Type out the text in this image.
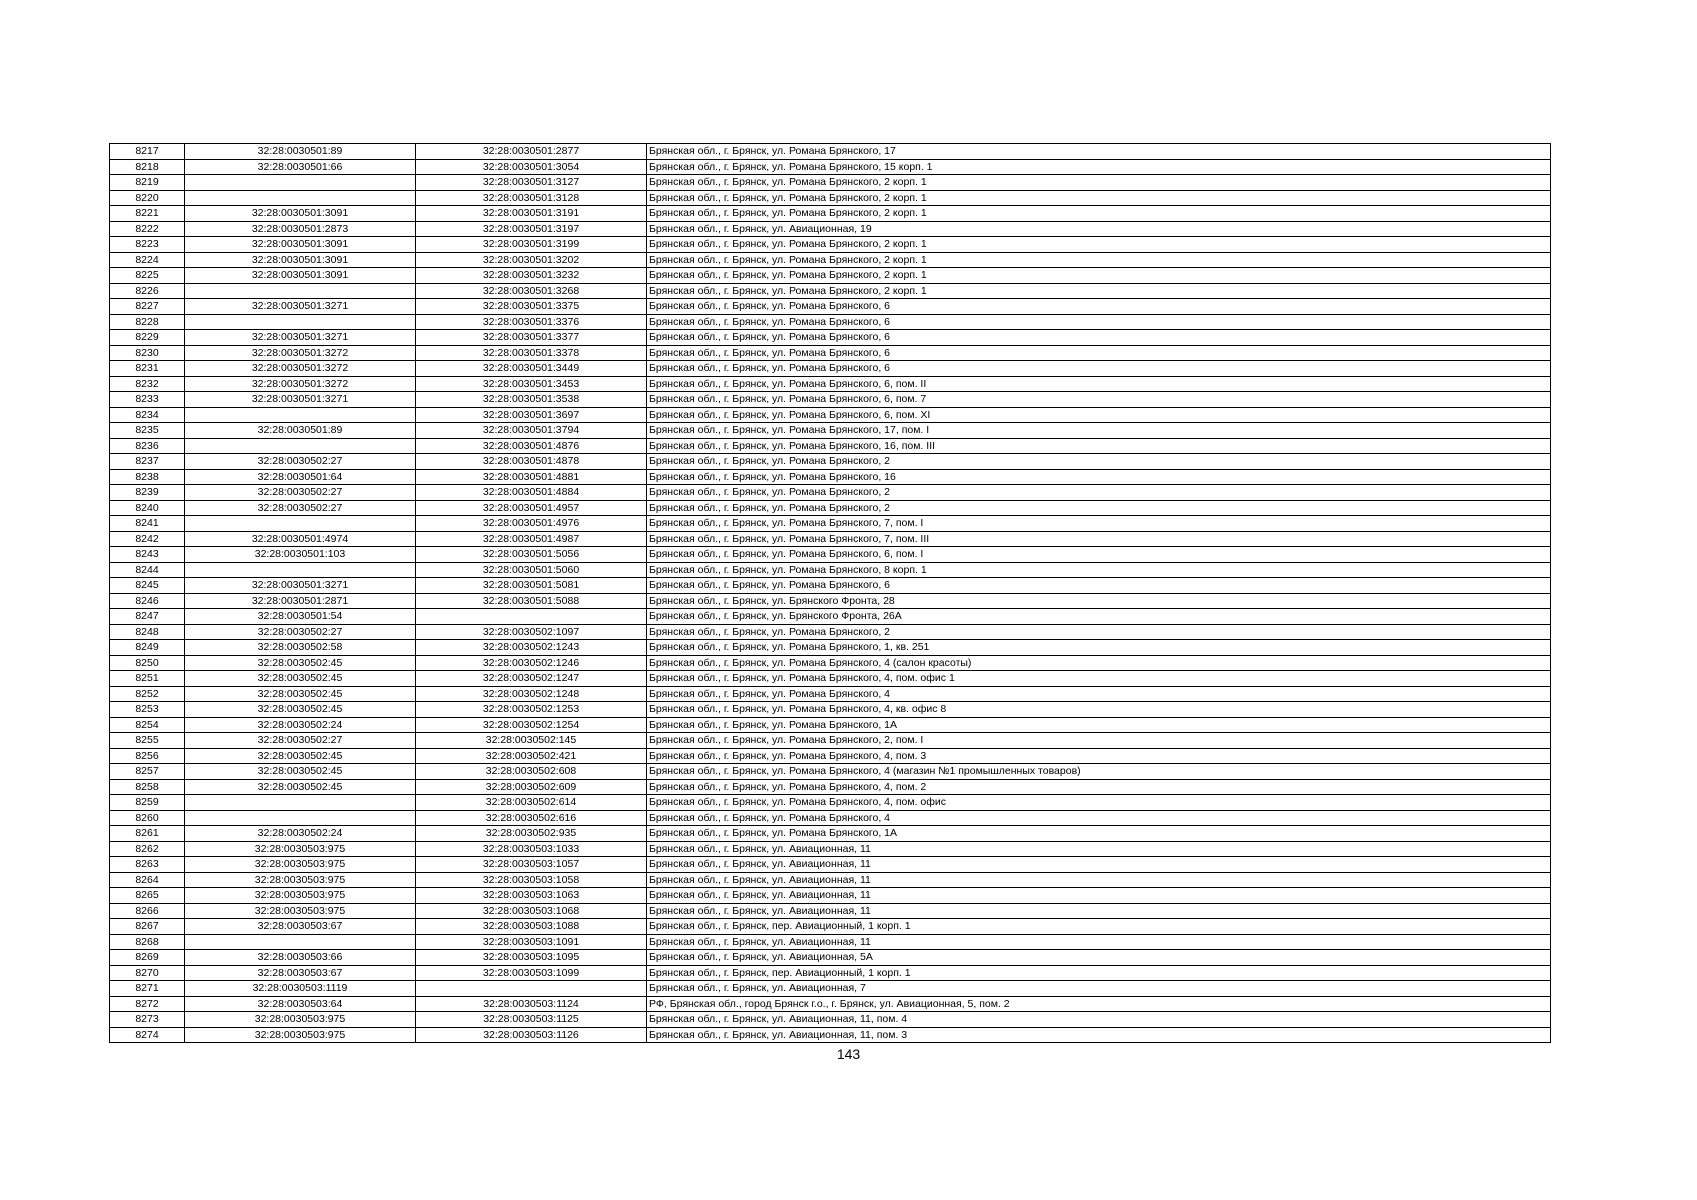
8217	32:28:0030501:89	32:28:0030501:2877	Брянская обл., г. Брянск, ул. Романа Брянского, 17
8218	32:28:0030501:66	32:28:0030501:3054	Брянская обл., г. Брянск, ул. Романа Брянского, 15 корп. 1
8219		32:28:0030501:3127	Брянская обл., г. Брянск, ул. Романа Брянского, 2 корп. 1
8220		32:28:0030501:3128	Брянская обл., г. Брянск, ул. Романа Брянского, 2 корп. 1
8221	32:28:0030501:3091	32:28:0030501:3191	Брянская обл., г. Брянск, ул. Романа Брянского, 2 корп. 1
8222	32:28:0030501:2873	32:28:0030501:3197	Брянская обл., г. Брянск, ул. Авиационная, 19
8223	32:28:0030501:3091	32:28:0030501:3199	Брянская обл., г. Брянск, ул. Романа Брянского, 2 корп. 1
8224	32:28:0030501:3091	32:28:0030501:3202	Брянская обл., г. Брянск, ул. Романа Брянского, 2 корп. 1
8225	32:28:0030501:3091	32:28:0030501:3232	Брянская обл., г. Брянск, ул. Романа Брянского, 2 корп. 1
8226		32:28:0030501:3268	Брянская обл., г. Брянск, ул. Романа Брянского, 2 корп. 1
8227	32:28:0030501:3271	32:28:0030501:3375	Брянская обл., г. Брянск, ул. Романа Брянского, 6
8228		32:28:0030501:3376	Брянская обл., г. Брянск, ул. Романа Брянского, 6
8229	32:28:0030501:3271	32:28:0030501:3377	Брянская обл., г. Брянск, ул. Романа Брянского, 6
8230	32:28:0030501:3272	32:28:0030501:3378	Брянская обл., г. Брянск, ул. Романа Брянского, 6
8231	32:28:0030501:3272	32:28:0030501:3449	Брянская обл., г. Брянск, ул. Романа Брянского, 6
8232	32:28:0030501:3272	32:28:0030501:3453	Брянская обл., г. Брянск, ул. Романа Брянского, 6, пом. II
8233	32:28:0030501:3271	32:28:0030501:3538	Брянская обл., г. Брянск, ул. Романа Брянского, 6, пом. 7
8234		32:28:0030501:3697	Брянская обл., г. Брянск, ул. Романа Брянского, 6, пом. XI
8235	32:28:0030501:89	32:28:0030501:3794	Брянская обл., г. Брянск, ул. Романа Брянского, 17, пом. I
8236		32:28:0030501:4876	Брянская обл., г. Брянск, ул. Романа Брянского, 16, пом. III
8237	32:28:0030502:27	32:28:0030501:4878	Брянская обл., г. Брянск, ул. Романа Брянского, 2
8238	32:28:0030501:64	32:28:0030501:4881	Брянская обл., г. Брянск, ул. Романа Брянского, 16
8239	32:28:0030502:27	32:28:0030501:4884	Брянская обл., г. Брянск, ул. Романа Брянского, 2
8240	32:28:0030502:27	32:28:0030501:4957	Брянская обл., г. Брянск, ул. Романа Брянского, 2
8241		32:28:0030501:4976	Брянская обл., г. Брянск, ул. Романа Брянского, 7, пом. I
8242	32:28:0030501:4974	32:28:0030501:4987	Брянская обл., г. Брянск, ул. Романа Брянского, 7, пом. III
8243	32:28:0030501:103	32:28:0030501:5056	Брянская обл., г. Брянск, ул. Романа Брянского, 6, пом. I
8244		32:28:0030501:5060	Брянская обл., г. Брянск, ул. Романа Брянского, 8 корп. 1
8245	32:28:0030501:3271	32:28:0030501:5081	Брянская обл., г. Брянск, ул. Романа Брянского, 6
8246	32:28:0030501:2871	32:28:0030501:5088	Брянская обл., г. Брянск, ул. Брянского Фронта, 28
8247	32:28:0030501:54		Брянская обл., г. Брянск, ул. Брянского Фронта, 26А
8248	32:28:0030502:27	32:28:0030502:1097	Брянская обл., г. Брянск, ул. Романа Брянского, 2
8249	32:28:0030502:58	32:28:0030502:1243	Брянская обл., г. Брянск, ул. Романа Брянского, 1, кв. 251
8250	32:28:0030502:45	32:28:0030502:1246	Брянская обл., г. Брянск, ул. Романа Брянского, 4 (салон красоты)
8251	32:28:0030502:45	32:28:0030502:1247	Брянская обл., г. Брянск, ул. Романа Брянского, 4, пом. офис 1
8252	32:28:0030502:45	32:28:0030502:1248	Брянская обл., г. Брянск, ул. Романа Брянского, 4
8253	32:28:0030502:45	32:28:0030502:1253	Брянская обл., г. Брянск, ул. Романа Брянского, 4, кв. офис 8
8254	32:28:0030502:24	32:28:0030502:1254	Брянская обл., г. Брянск, ул. Романа Брянского, 1А
8255	32:28:0030502:27	32:28:0030502:145	Брянская обл., г. Брянск, ул. Романа Брянского, 2, пом. I
8256	32:28:0030502:45	32:28:0030502:421	Брянская обл., г. Брянск, ул. Романа Брянского, 4, пом. 3
8257	32:28:0030502:45	32:28:0030502:608	Брянская обл., г. Брянск, ул. Романа Брянского, 4 (магазин №1 промышленных товаров)
8258	32:28:0030502:45	32:28:0030502:609	Брянская обл., г. Брянск, ул. Романа Брянского, 4, пом. 2
8259		32:28:0030502:614	Брянская обл., г. Брянск, ул. Романа Брянского, 4, пом. офис
8260		32:28:0030502:616	Брянская обл., г. Брянск, ул. Романа Брянского, 4
8261	32:28:0030502:24	32:28:0030502:935	Брянская обл., г. Брянск, ул. Романа Брянского, 1А
8262	32:28:0030503:975	32:28:0030503:1033	Брянская обл., г. Брянск, ул. Авиационная, 11
8263	32:28:0030503:975	32:28:0030503:1057	Брянская обл., г. Брянск, ул. Авиационная, 11
8264	32:28:0030503:975	32:28:0030503:1058	Брянская обл., г. Брянск, ул. Авиационная, 11
8265	32:28:0030503:975	32:28:0030503:1063	Брянская обл., г. Брянск, ул. Авиационная, 11
8266	32:28:0030503:975	32:28:0030503:1068	Брянская обл., г. Брянск, ул. Авиационная, 11
8267	32:28:0030503:67	32:28:0030503:1088	Брянская обл., г. Брянск, пер. Авиационный, 1 корп. 1
8268		32:28:0030503:1091	Брянская обл., г. Брянск, ул. Авиационная, 11
8269	32:28:0030503:66	32:28:0030503:1095	Брянская обл., г. Брянск, ул. Авиационная, 5А
8270	32:28:0030503:67	32:28:0030503:1099	Брянская обл., г. Брянск, пер. Авиационный, 1 корп. 1
8271	32:28:0030503:1119		Брянская обл., г. Брянск, ул. Авиационная, 7
8272	32:28:0030503:64	32:28:0030503:1124	РФ, Брянская обл., город Брянск г.о., г. Брянск, ул. Авиационная, 5, пом. 2
8273	32:28:0030503:975	32:28:0030503:1125	Брянская обл., г. Брянск, ул. Авиационная, 11, пом. 4
8274	32:28:0030503:975	32:28:0030503:1126	Брянская обл., г. Брянск, ул. Авиационная, 11, пом. 3
143
